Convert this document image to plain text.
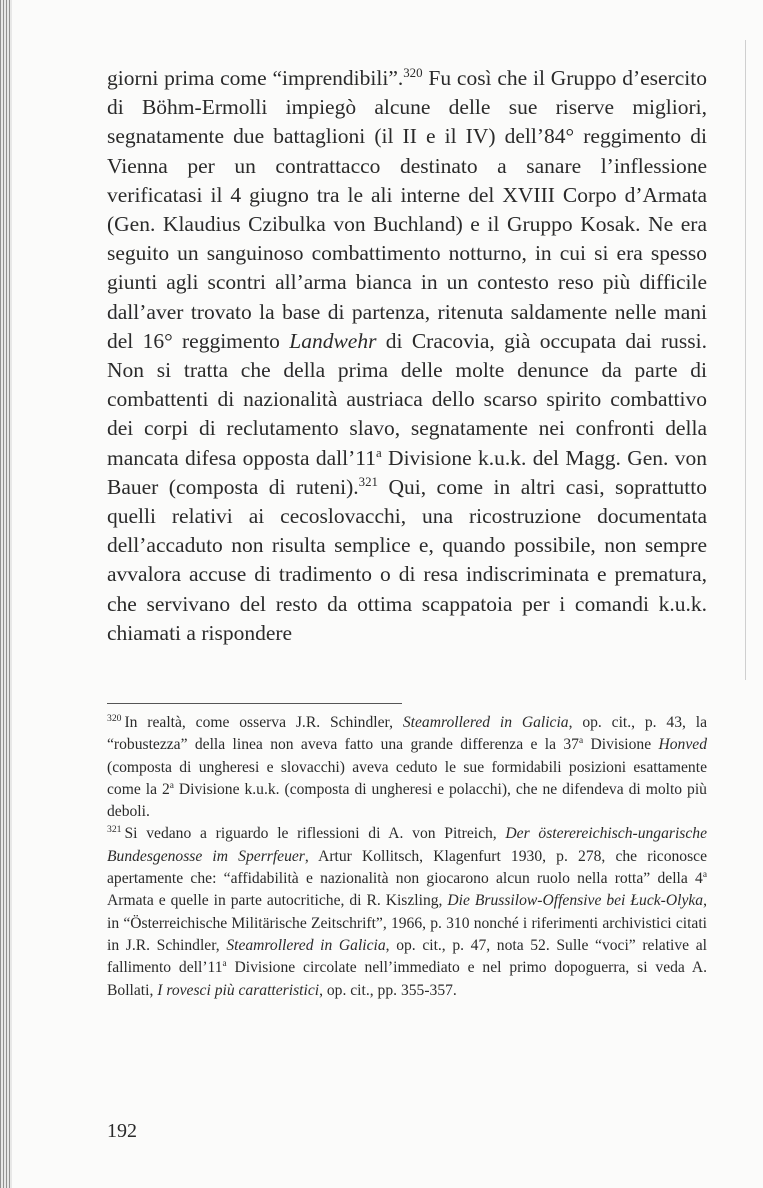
giorni prima come “imprendibili”.$^{320}$ Fu così che il Gruppo d’esercito di Böhm-Ermolli impiegò alcune delle sue riserve migliori, segnatamente due battaglioni (il II e il IV) dell’84° reggimento di Vienna per un contrattacco destinato a sanare l’inflessione verificatasi il 4 giugno tra le ali interne del XVIII Corpo d’Armata (Gen. Klaudius Czibulka von Buchland) e il Gruppo Kosak. Ne era seguito un sanguinoso combattimento notturno, in cui si era spesso giunti agli scontri all’arma bianca in un contesto reso più difficile dall’aver trovato la base di partenza, ritenuta saldamente nelle mani del 16° reggimento Landwehr di Cracovia, già occupata dai russi. Non si tratta che della prima delle molte denunce da parte di combattenti di nazionalità austriaca dello scarso spirito combattivo dei corpi di reclutamento slavo, segnatamente nei confronti della mancata difesa opposta dall’11$^a$ Divisione k.u.k. del Magg. Gen. von Bauer (composta di ruteni).$^{321}$ Qui, come in altri casi, soprattutto quelli relativi ai cecoslovacchi, una ricostruzione documentata dell’accaduto non risulta semplice e, quando possibile, non sempre avvalora accuse di tradimento o di resa indiscriminata e prematura, che servivano del resto da ottima scappatoia per i comandi k.u.k. chiamati a rispondere

$^{320}$ In realtà, come osserva J.R. Schindler, Steamrollered in Galicia, op. cit., p. 43, la “robustezza” della linea non aveva fatto una grande differenza e la 37$^a$ Divisione Honved (composta di ungheresi e slovacchi) aveva ceduto le sue formidabili posizioni esattamente come la 2$^a$ Divisione k.u.k. (composta di ungheresi e polacchi), che ne difendeva di molto più deboli.

$^{321}$ Si vedano a riguardo le riflessioni di A. von Pitreich, Der österereichisch-ungarische Bundesgenosse im Sperrfeuer, Artur Kollitsch, Klagenfurt 1930, p. 278, che riconosce apertamente che: “affidabilità e nazionalità non giocarono alcun ruolo nella rotta” della 4$^a$ Armata e quelle in parte autocritiche, di R. Kiszling, Die Brussilow-Offensive bei Łuck-Olyka, in “Österreichische Militärische Zeitschrift”, 1966, p. 310 nonché i riferimenti archivistici citati in J.R. Schindler, Steamrollered in Galicia, op. cit., p. 47, nota 52. Sulle “voci” relative al fallimento dell’11$^a$ Divisione circolate nell’immediato e nel primo dopoguerra, si veda A. Bollati, I rovesci più caratteristici, op. cit., pp. 355-357.

192
